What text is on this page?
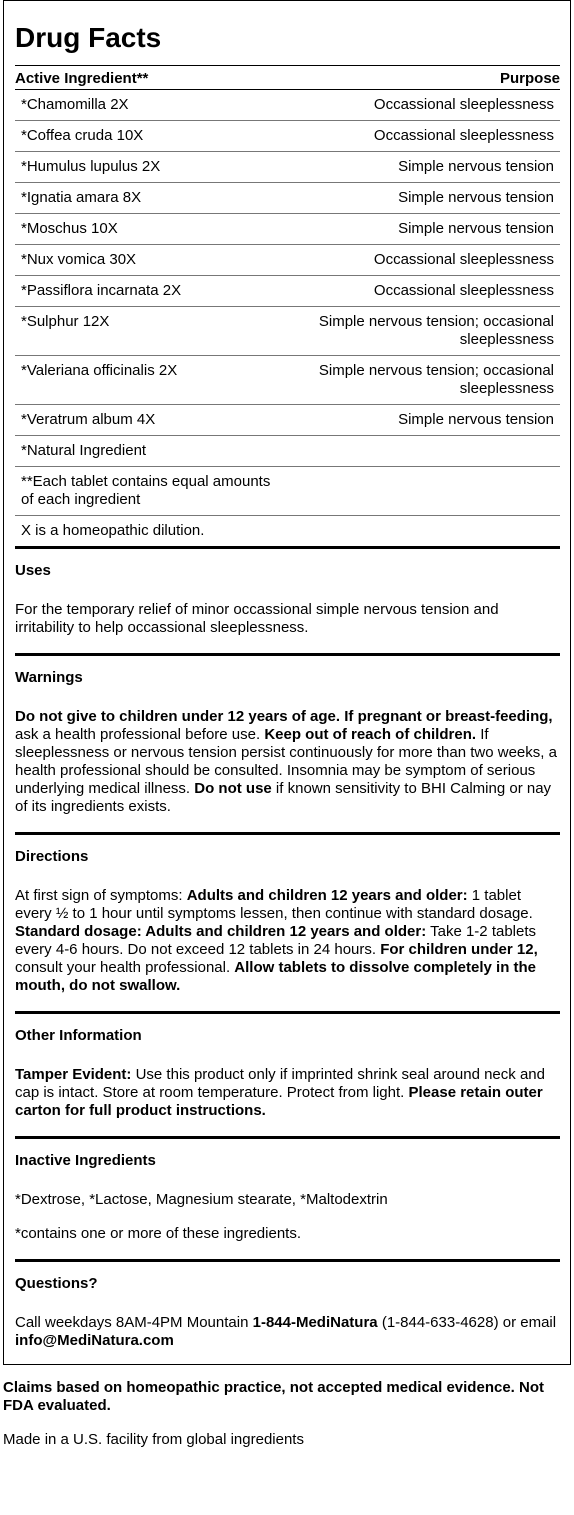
Drug Facts
Active Ingredient**	Purpose
*Chamomilla 2X	Occassional sleeplessness
*Coffea cruda 10X	Occassional sleeplessness
*Humulus lupulus 2X	Simple nervous tension
*Ignatia amara 8X	Simple nervous tension
*Moschus 10X	Simple nervous tension
*Nux vomica 30X	Occassional sleeplessness
*Passiflora incarnata 2X	Occassional sleeplessness
*Sulphur 12X	Simple nervous tension; occasional sleeplessness
*Valeriana officinalis 2X	Simple nervous tension; occasional sleeplessness
*Veratrum album 4X	Simple nervous tension
*Natural Ingredient	
**Each tablet contains equal amounts of each ingredient	
X is a homeopathic dilution.	
Uses
For the temporary relief of minor occassional simple nervous tension and irritability to help occassional sleeplessness.
Warnings
Do not give to children under 12 years of age. If pregnant or breast-feeding, ask a health professional before use. Keep out of reach of children. If sleeplessness or nervous tension persist continuously for more than two weeks, a health professional should be consulted. Insomnia may be symptom of serious underlying medical illness. Do not use if known sensitivity to BHI Calming or nay of its ingredients exists.
Directions
At first sign of symptoms: Adults and children 12 years and older: 1 tablet every ½ to 1 hour until symptoms lessen, then continue with standard dosage. Standard dosage: Adults and children 12 years and older: Take 1-2 tablets every 4-6 hours. Do not exceed 12 tablets in 24 hours. For children under 12, consult your health professional. Allow tablets to dissolve completely in the mouth, do not swallow.
Other Information
Tamper Evident: Use this product only if imprinted shrink seal around neck and cap is intact. Store at room temperature. Protect from light. Please retain outer carton for full product instructions.
Inactive Ingredients

*Dextrose, *Lactose, Magnesium stearate, *Maltodextrin

*contains one or more of these ingredients.

Questions?
Call weekdays 8AM-4PM Mountain 1-844-MediNatura (1-844-633-4628) or email info@MediNatura.com
Claims based on homeopathic practice, not accepted medical evidence. Not FDA evaluated.
Made in a U.S. facility from global ingredients
